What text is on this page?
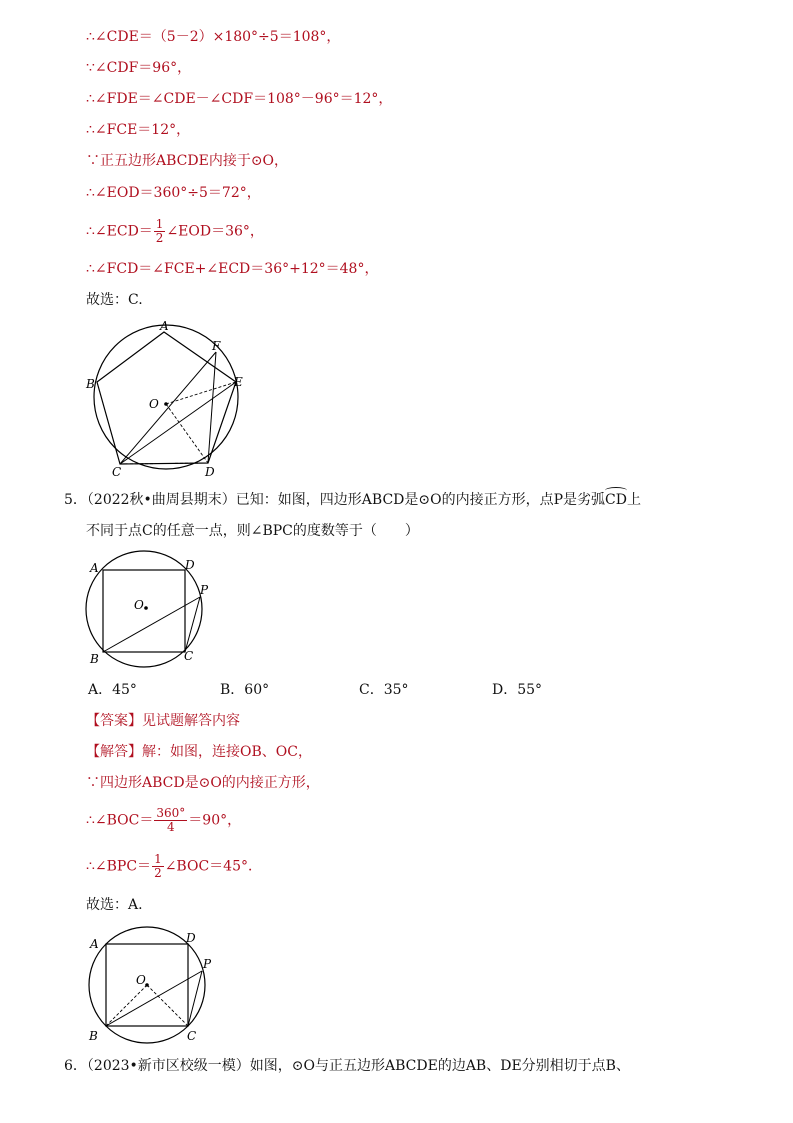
∴∠CDE＝（5－2）×180°÷5＝108°，
∵∠CDF＝96°，
∴∠FDE＝∠CDE－∠CDF＝108°－96°＝12°，
∴∠FCE＝12°，
∵正五边形ABCDE内接于⊙O，
∴∠EOD＝360°÷5＝72°，
∴∠ECD＝ $\frac{1}{2}$ ∠EOD＝36°，
∴∠FCD＝∠FCE+∠ECD＝36°+12°＝48°，
故选：C.
A
B
C	D
E
F
O
5．（2022秋•曲周县期末）已知：如图，四边形ABCD是⊙O的内接正方形，点P是劣弧CD上
不同于点C的任意一点，则∠BPC的度数等于（　　）
A
B	C
D
P
O
A．45°	B．60°	C．35°	D．55°
【答案】见试题解答内容
【解答】解：如图，连接OB、OC，
∵四边形ABCD是⊙O的内接正方形，
∴∠BOC＝ $\frac{360^\circ}{4} =90^\circ$，
∴∠BPC＝ $\frac{1}{2}$ ∠BOC＝45°．
故选：A.
A
B	C
D
P
O
6．（2023•新市区校级一模）如图，⊙O与正五边形ABCDE的边AB、DE分别相切于点B、
